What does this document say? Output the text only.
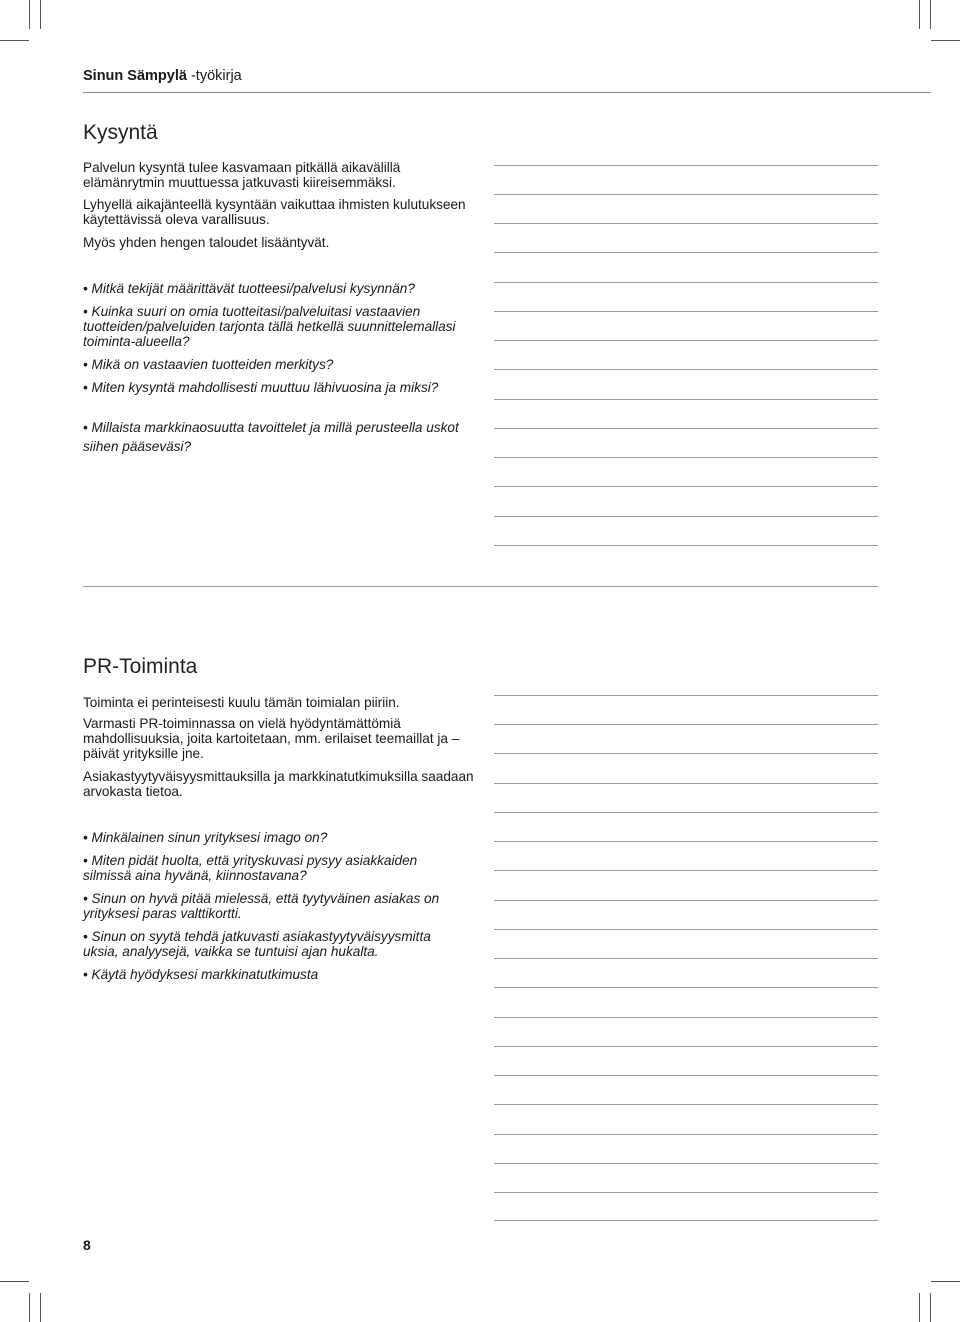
Sinun Sämpylä -työkirja
Kysyntä
Palvelun kysyntä tulee kasvamaan pitkällä aikavälillä elämänrytmin muuttuessa jatkuvasti kiireisemmäksi.
Lyhyellä aikajänteellä kysyntään vaikuttaa ihmisten kulutukseen käytettävissä oleva varallisuus.
Myös yhden hengen taloudet lisääntyvät.
• Mitkä tekijät määrittävät tuotteesi/palvelusi kysynnän?
• Kuinka suuri on omia tuotteitasi/palveluitasi vastaavien tuotteiden/palveluiden tarjonta tällä hetkellä suunnittelemallasi toiminta-alueella?
• Mikä on vastaavien tuotteiden merkitys?
• Miten kysyntä mahdollisesti muuttuu lähivuosina ja miksi?
• Millaista markkinaosuutta tavoittelet ja millä perusteella uskot siihen pääseväsi?
PR-Toiminta
Toiminta ei perinteisesti kuulu tämän toimialan piiriin.
Varmasti PR-toiminnassa on vielä hyödyntämättömiä mahdollisuuksia, joita kartoitetaan, mm. erilaiset teemaillat ja –päivät yrityksille jne.
Asiakastyytyväisyysmittauksilla ja markkinatutkimuksilla saadaan arvokasta tietoa.
• Minkälainen sinun yrityksesi imago on?
• Miten pidät huolta, että yrityskuvasi pysyy asiakkaiden silmissä aina hyvänä, kiinnostavana?
• Sinun on hyvä pitää mielessä, että tyytyväinen asiakas on yrityksesi paras valttikortti.
• Sinun on syytä tehdä jatkuvasti asiakastyytyväisyysmitta uksia, analyysejä, vaikka se tuntuisi ajan hukalta.
• Käytä hyödyksesi markkinatutkimusta
8
